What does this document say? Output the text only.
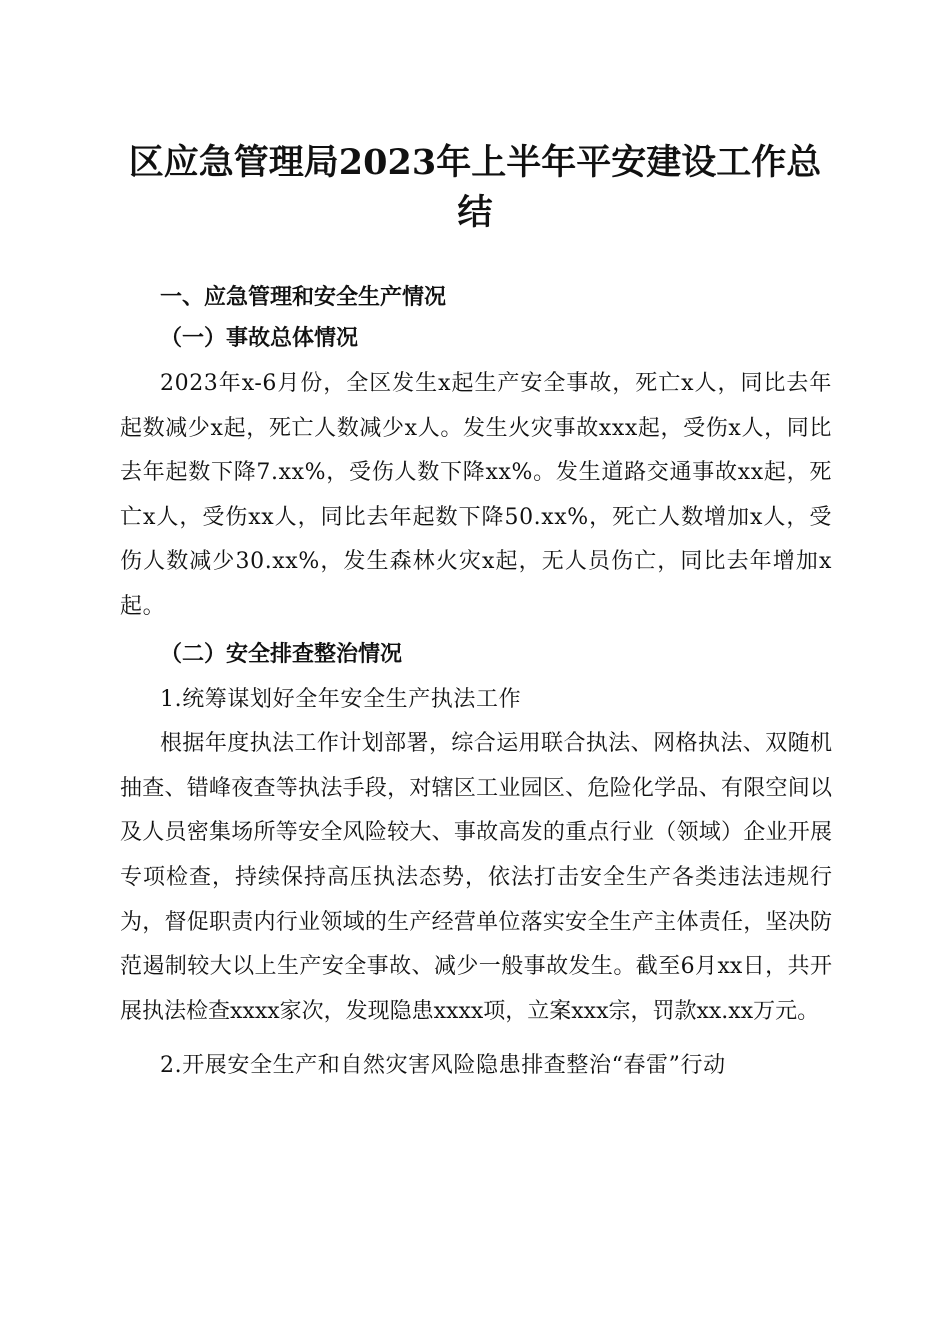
区应急管理局2023年上半年平安建设工作总结
一、应急管理和安全生产情况
（一）事故总体情况

2023年x-6月份，全区发生x起生产安全事故，死亡x人，同比去年起数减少x起，死亡人数减少x人。发生火灾事故xxx起，受伤x人，同比去年起数下降7.xx%，受伤人数下降xx%。发生道路交通事故xx起，死亡x人，受伤xx人，同比去年起数下降50.xx%，死亡人数增加x人，受伤人数减少30.xx%，发生森林火灾x起，无人员伤亡，同比去年增加x起。

（二）安全排查整治情况

1.统筹谋划好全年安全生产执法工作

根据年度执法工作计划部署，综合运用联合执法、网格执法、双随机抽查、错峰夜查等执法手段，对辖区工业园区、危险化学品、有限空间以及人员密集场所等安全风险较大、事故高发的重点行业（领域）企业开展专项检查，持续保持高压执法态势，依法打击安全生产各类违法违规行为，督促职责内行业领域的生产经营单位落实安全生产主体责任，坚决防范遏制较大以上生产安全事故、减少一般事故发生。截至6月xx日，共开展执法检查xxxx家次，发现隐患xxxx项，立案xxx宗，罚款xx.xx万元。

2.开展安全生产和自然灾害风险隐患排查整治“春雷”行动
